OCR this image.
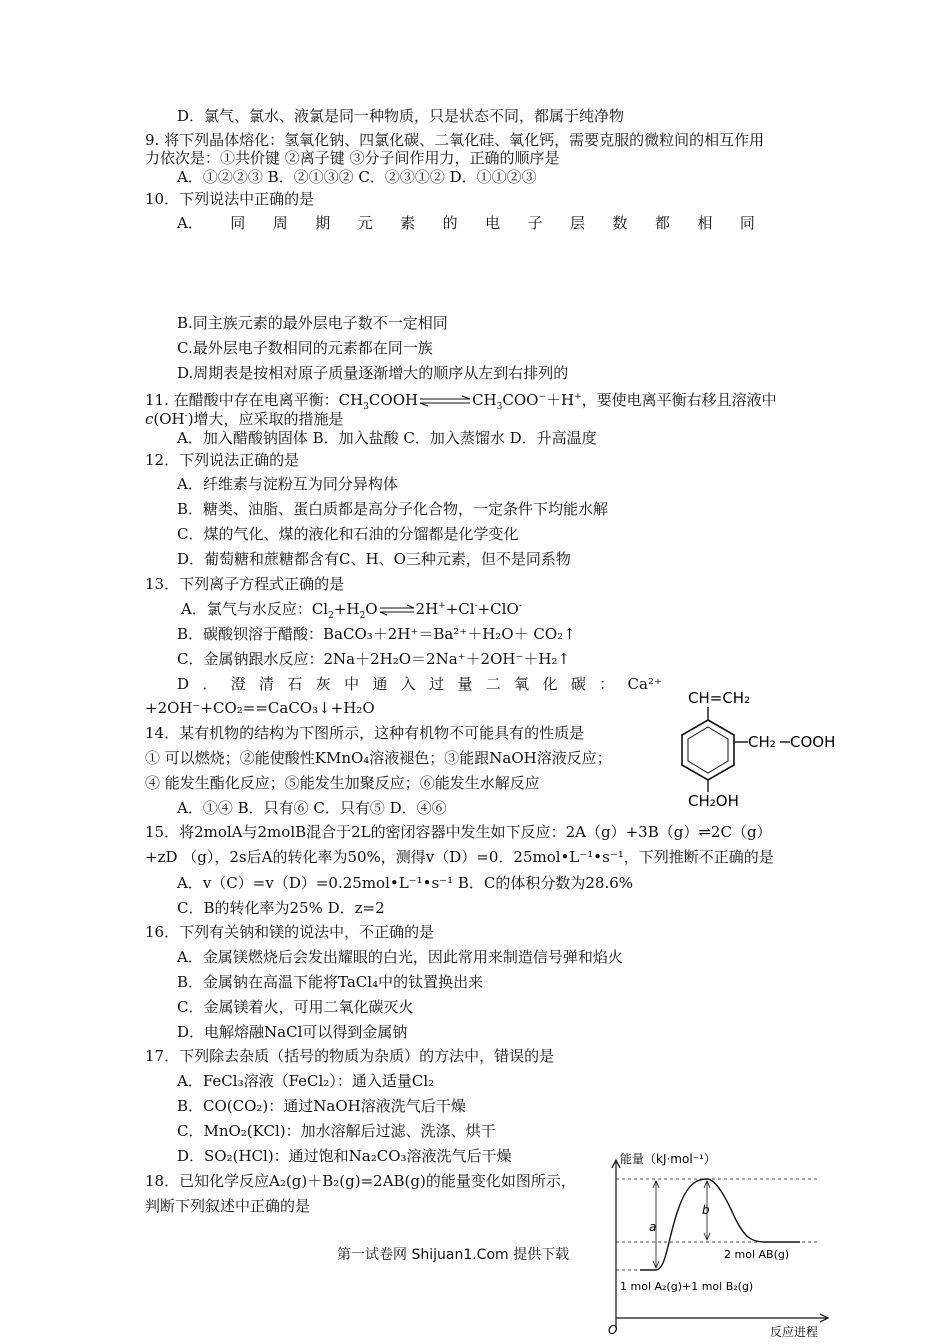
D．氯气、氯水、液氯是同一种物质，只是状态不同，都属于纯净物
9. 将下列晶体熔化：氢氧化钠、四氯化碳、二氧化硅、氧化钙，需要克服的微粒间的相互作用
力依次是：①共价键 ②离子键 ③分子间作用力，正确的顺序是
A．①②②③ B．②①③② C．②③①② D．①①②③
10．下列说法中正确的是
A． 同 周 期 元 素 的 电 子 层 数 都 相 同
B.同主族元素的最外层电子数不一定相同
C.最外层电子数相同的元素都在同一族
D.周期表是按相对原子质量逐渐增大的顺序从左到右排列的
11. 在醋酸中存在电离平衡：$CH_3COOH\rightleftharpoons CH_3COO^-+H^+$，要使电离平衡右移且溶液中
c(OH-)增大，应采取的措施是
A．加入醋酸钠固体 B．加入盐酸 C．加入蒸馏水 D．升高温度
12．下列说法正确的是
A．纤维素与淀粉互为同分异构体
B．糖类、油脂、蛋白质都是高分子化合物，一定条件下均能水解
C．煤的气化、煤的液化和石油的分馏都是化学变化
D．葡萄糖和蔗糖都含有C、H、O三种元素，但不是同系物
13．下列离子方程式正确的是
A．氯气与水反应：$Cl_2+H_2O\rightleftharpoons 2H^++Cl^-+ClO^-$
B．碳酸钡溶于醋酸：BaCO₃＋2H⁺＝Ba²⁺＋H₂O＋ CO₂↑
C．金属钠跟水反应：2Na＋2H₂O＝2Na⁺＋2OH⁻＋H₂↑
D ． 澄 清 石 灰 中 通 入 过 量 二 氧 化 碳 ： Ca²⁺
+2OH⁻+CO₂==CaCO₃↓+H₂O
14．某有机物的结构为下图所示，这种有机物不可能具有的性质是
① 可以燃烧；②能使酸性KMnO₄溶液褪色；③能跟NaOH溶液反应；
④ 能发生酯化反应；⑤能发生加聚反应；⑥能发生水解反应
A．①④ B．只有⑥ C．只有⑤ D．④⑥
CH=CH₂
CH₂ COOH
CH₂OH
15．将2molA与2molB混合于2L的密闭容器中发生如下反应：2A（g）+3B（g）⇌2C（g）
+zD （g），2s后A的转化率为50%，测得v（D）=0．25mol•L⁻¹•s⁻¹，下列推断不正确的是
A．v（C）=v（D）=0.25mol•L⁻¹•s⁻¹ B．C的体积分数为28.6%
C．B的转化率为25% D．z=2
16．下列有关钠和镁的说法中，不正确的是
A．金属镁燃烧后会发出耀眼的白光，因此常用来制造信号弹和焰火
B．金属钠在高温下能将TaCl₄中的钛置换出来
C．金属镁着火，可用二氧化碳灭火
D．电解熔融NaCl可以得到金属钠
17．下列除去杂质（括号的物质为杂质）的方法中，错误的是
A．FeCl₃溶液（FeCl₂）：通入适量Cl₂
B．CO(CO₂)：通过NaOH溶液洗气后干燥
C．MnO₂(KCl)：加水溶解后过滤、洗涤、烘干
D．SO₂(HCl)：通过饱和Na₂CO₃溶液洗气后干燥
18．已知化学反应A₂(g)＋B₂(g)=2AB(g)的能量变化如图所示，
判断下列叙述中正确的是
第一试卷网 Shijuan1.Com 提供下载
能量（kJ·mol⁻¹）
反应进程
O
a
b
2 mol AB(g)
1 mol A₂(g)+1 mol B₂(g)
